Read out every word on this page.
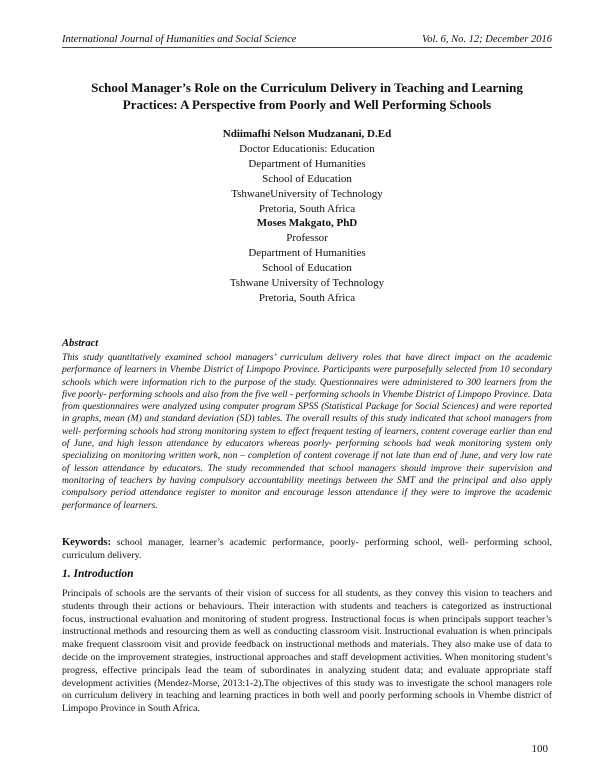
International Journal of Humanities and Social Science	Vol. 6, No. 12; December 2016
School Manager’s Role on the Curriculum Delivery in Teaching and Learning
Practices: A Perspective from Poorly and Well Performing Schools
Ndiimafhi Nelson Mudzanani, D.Ed
Doctor Educationis: Education
Department of Humanities
School of Education
TshwaneUniversity of Technology
Pretoria, South Africa
Moses Makgato, PhD
Professor
Department of Humanities
School of Education
Tshwane University of Technology
Pretoria, South Africa
Abstract
This study quantitatively examined school managers’ curriculum delivery roles that have direct impact on the academic performance of learners in Vhembe District of Limpopo Province. Participants were purposefully selected from 10 secondary schools which were information rich to the purpose of the study. Questionnaires were administered to 300 learners from the five poorly- performing schools and also from the five well - performing schools in Vhembe District of Limpopo Province. Data from questionnaires were analyzed using computer program SPSS (Statistical Package for Social Sciences) and were reported in graphs, mean (M) and standard deviation (SD) tables. The overall results of this study indicated that school managers from well- performing schools had strong monitoring system to effect frequent testing of learners, content coverage earlier than end of June, and high lesson attendance by educators whereas poorly- performing schools had weak monitoring system only specializing on monitoring written work, non – completion of content coverage if not late than end of June, and very low rate of lesson attendance by educators. The study recommended that school managers should improve their supervision and monitoring of teachers by having compulsory accountability meetings between the SMT and the principal and also apply compulsory period attendance register to monitor and encourage lesson attendance if they were to improve the academic performance of learners.
Keywords: school manager, learner’s academic performance, poorly- performing school, well- performing school, curriculum delivery.
1. Introduction
Principals of schools are the servants of their vision of success for all students, as they convey this vision to teachers and students through their actions or behaviours. Their interaction with students and teachers is categorized as instructional focus, instructional evaluation and monitoring of student progress. Instructional focus is when principals support teacher’s instructional methods and resourcing them as well as conducting classroom visit. Instructional evaluation is when principals make frequent classroom visit and provide feedback on instructional methods and materials. They also make use of data to decide on the improvement strategies, instructional approaches and staff development activities. When monitoring student’s progress, effective principals lead the team of subordinates in analyzing student data; and evaluate appropriate staff development activities (Mendez-Morse, 2013:1-2).The objectives of this study was to investigate the school managers role on curriculum delivery in teaching and learning practices in both well and poorly performing schools in Vhembe district of Limpopo Province in South Africa.
100
